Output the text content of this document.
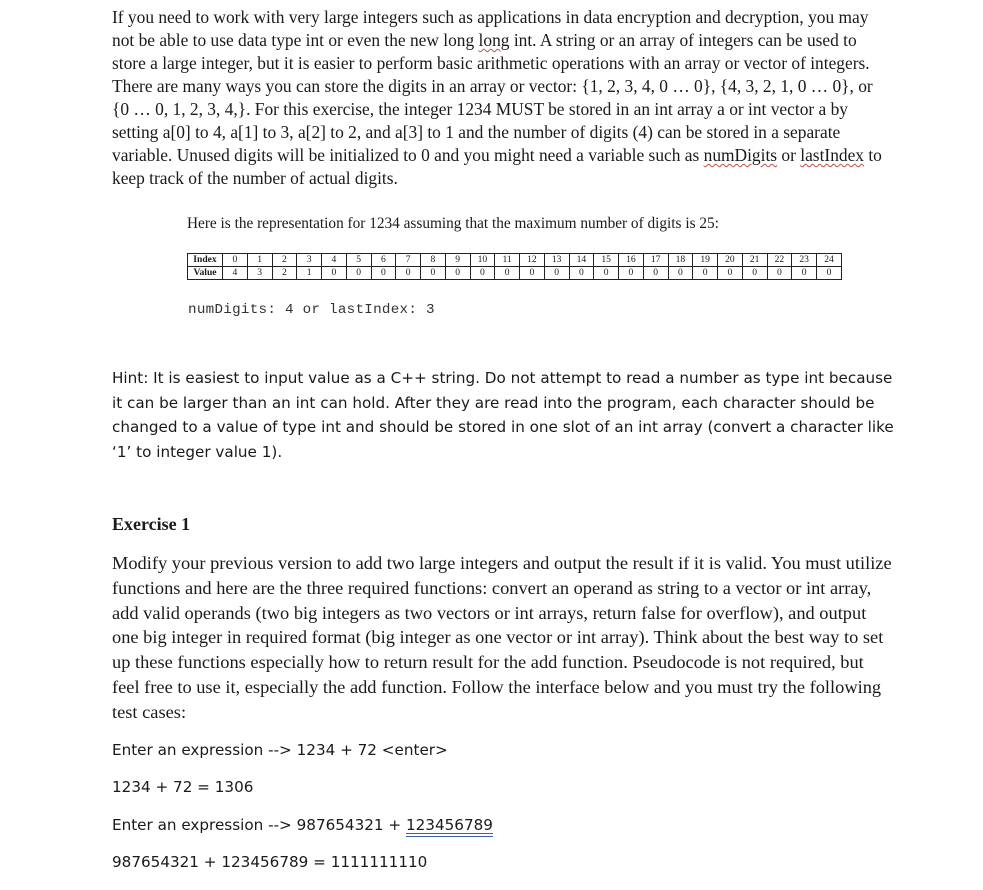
If you need to work with very large integers such as applications in data encryption and decryption, you may not be able to use data type int or even the new long long int. A string or an array of integers can be used to store a large integer, but it is easier to perform basic arithmetic operations with an array or vector of integers. There are many ways you can store the digits in an array or vector: {1, 2, 3, 4, 0 … 0}, {4, 3, 2, 1, 0 … 0}, or {0 … 0, 1, 2, 3, 4,}. For this exercise, the integer 1234 MUST be stored in an int array a or int vector a by setting a[0] to 4, a[1] to 3, a[2] to 2, and a[3] to 1 and the number of digits (4) can be stored in a separate variable. Unused digits will be initialized to 0 and you might need a variable such as numDigits or lastIndex to keep track of the number of actual digits.

Here is the representation for 1234 assuming that the maximum number of digits is 25:

Index	0	1	2	3	4	5	6	7	8	9	10	11	12	13	14	15	16	17	18	19	20	21	22	23	24
Value	4	3	2	1	0	0	0	0	0	0	0	0	0	0	0	0	0	0	0	0	0	0	0	0	0

numDigits: 4 or lastIndex: 3

Hint: It is easiest to input value as a C++ string. Do not attempt to read a number as type int because it can be larger than an int can hold. After they are read into the program, each character should be changed to a value of type int and should be stored in one slot of an int array (convert a character like ‘1’ to integer value 1).

Exercise 1

Modify your previous version to add two large integers and output the result if it is valid. You must utilize functions and here are the three required functions: convert an operand as string to a vector or int array, add valid operands (two big integers as two vectors or int arrays, return false for overflow), and output one big integer in required format (big integer as one vector or int array). Think about the best way to set up these functions especially how to return result for the add function. Pseudocode is not required, but feel free to use it, especially the add function. Follow the interface below and you must try the following test cases:

Enter an expression --> 1234 + 72 <enter>

1234 + 72 = 1306

Enter an expression --> 987654321 + 123456789

987654321 + 123456789 = 1111111110
